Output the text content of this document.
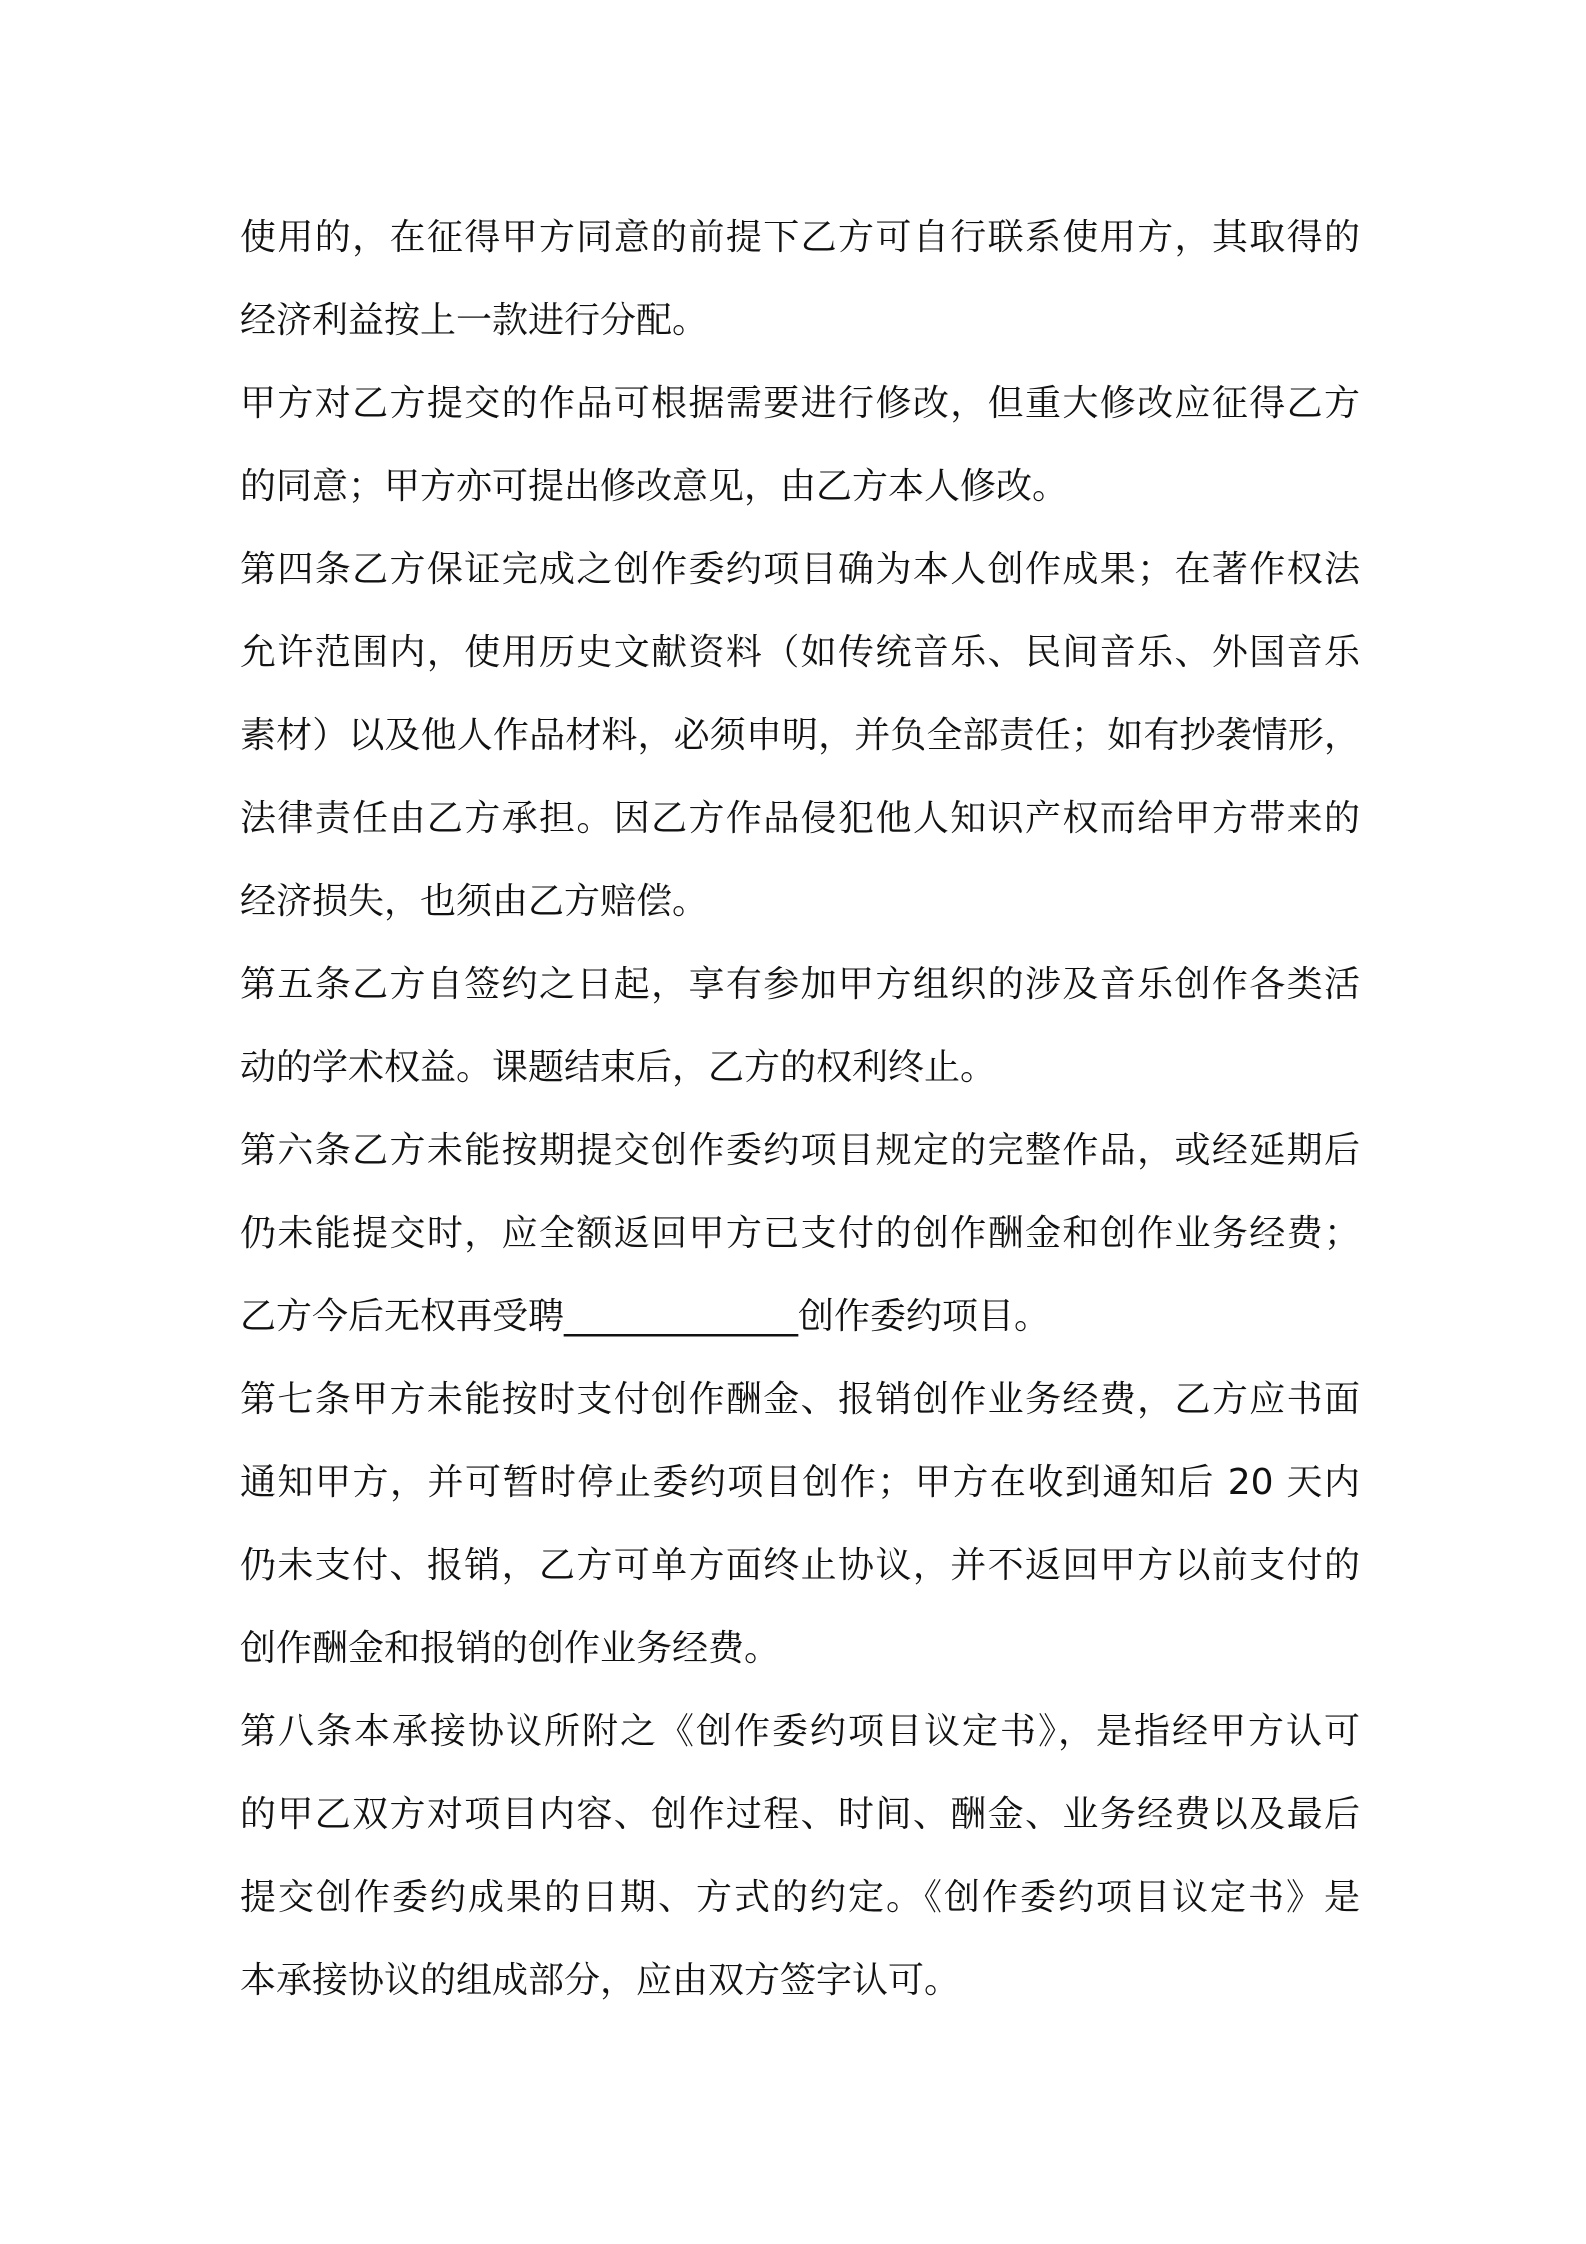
使用的，在征得甲方同意的前提下乙方可自行联系使用方，其取得的
经济利益按上一款进行分配。
甲方对乙方提交的作品可根据需要进行修改，但重大修改应征得乙方
的同意；甲方亦可提出修改意见，由乙方本人修改。
第四条乙方保证完成之创作委约项目确为本人创作成果；在著作权法
允许范围内，使用历史文献资料（如传统音乐、民间音乐、外国音乐
素材）以及他人作品材料，必须申明，并负全部责任；如有抄袭情形，
法律责任由乙方承担。因乙方作品侵犯他人知识产权而给甲方带来的
经济损失，也须由乙方赔偿。
第五条乙方自签约之日起，享有参加甲方组织的涉及音乐创作各类活
动的学术权益。课题结束后，乙方的权利终止。
第六条乙方未能按期提交创作委约项目规定的完整作品，或经延期后
仍未能提交时，应全额返回甲方已支付的创作酬金和创作业务经费；
乙方今后无权再受聘_____________创作委约项目。
第七条甲方未能按时支付创作酬金、报销创作业务经费，乙方应书面
通知甲方，并可暂时停止委约项目创作；甲方在收到通知后 20 天内
仍未支付、报销，乙方可单方面终止协议，并不返回甲方以前支付的
创作酬金和报销的创作业务经费。
第八条本承接协议所附之《创作委约项目议定书》，是指经甲方认可
的甲乙双方对项目内容、创作过程、时间、酬金、业务经费以及最后
提交创作委约成果的日期、方式的约定。《创作委约项目议定书》是
本承接协议的组成部分，应由双方签字认可。
